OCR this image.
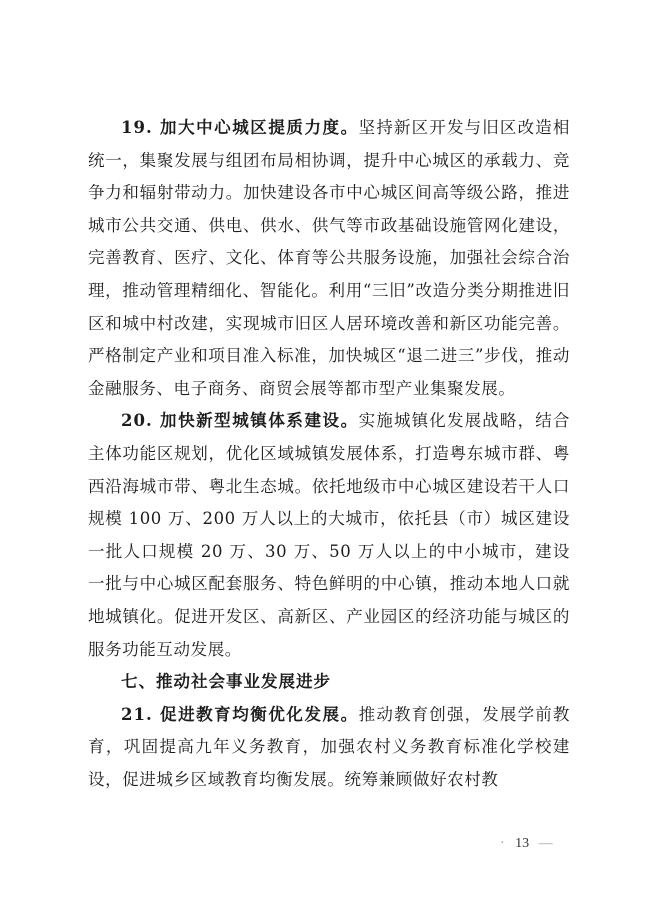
19. 加大中心城区提质力度。坚持新区开发与旧区改造相统一，集聚发展与组团布局相协调，提升中心城区的承载力、竞争力和辐射带动力。加快建设各市中心城区间高等级公路，推进城市公共交通、供电、供水、供气等市政基础设施管网化建设，完善教育、医疗、文化、体育等公共服务设施，加强社会综合治理，推动管理精细化、智能化。利用“三旧”改造分类分期推进旧区和城中村改建，实现城市旧区人居环境改善和新区功能完善。严格制定产业和项目准入标准，加快城区“退二进三”步伐，推动金融服务、电子商务、商贸会展等都市型产业集聚发展。

20. 加快新型城镇体系建设。实施城镇化发展战略，结合主体功能区规划，优化区域城镇发展体系，打造粤东城市群、粤西沿海城市带、粤北生态城。依托地级市中心城区建设若干人口规模 100 万、200 万人以上的大城市，依托县（市）城区建设一批人口规模 20 万、30 万、50 万人以上的中小城市，建设一批与中心城区配套服务、特色鲜明的中心镇，推动本地人口就地城镇化。促进开发区、高新区、产业园区的经济功能与城区的服务功能互动发展。

七、推动社会事业发展进步

21. 促进教育均衡优化发展。推动教育创强，发展学前教育，巩固提高九年义务教育，加强农村义务教育标准化学校建设，促进城乡区域教育均衡发展。统筹兼顾做好农村教

· 13 —
